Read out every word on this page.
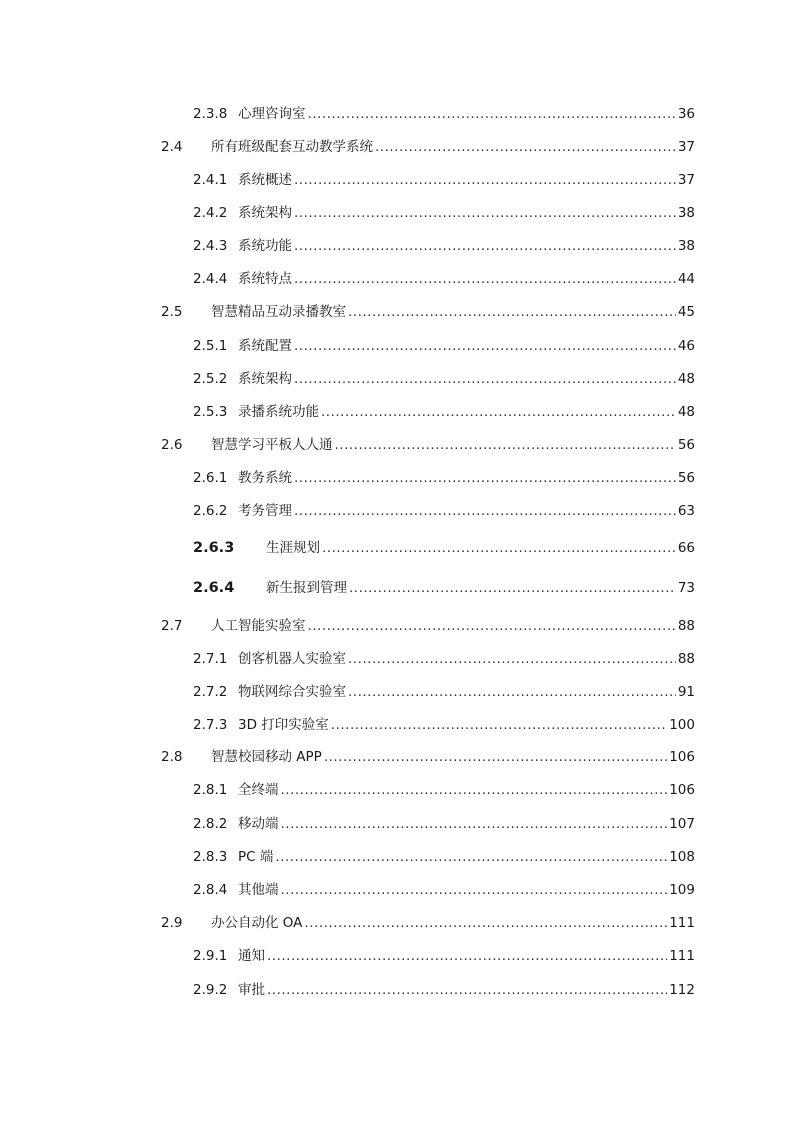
2.3.8 心理咨询室 .....	36
2.4 所有班级配套互动教学系统 .....	37
2.4.1 系统概述 .....	37
2.4.2 系统架构 .....	38
2.4.3 系统功能 .....	38
2.4.4 系统特点 .....	44
2.5 智慧精品互动录播教室 .....	45
2.5.1 系统配置 .....	46
2.5.2 系统架构 .....	48
2.5.3 录播系统功能 .....	48
2.6 智慧学习平板人人通 .....	56
2.6.1 教务系统 .....	56
2.6.2 考务管理 .....	63
2.6.3 生涯规划 .....	66
2.6.4 新生报到管理 .....	73
2.7 人工智能实验室 .....	88
2.7.1 创客机器人实验室 .....	88
2.7.2 物联网综合实验室 .....	91
2.7.3 3D 打印实验室 .....	100
2.8 智慧校园移动 APP .....	106
2.8.1 全终端 .....	106
2.8.2 移动端 .....	107
2.8.3 PC 端 .....	108
2.8.4 其他端 .....	109
2.9 办公自动化 OA .....	111
2.9.1 通知 .....	111
2.9.2 审批 .....	112
